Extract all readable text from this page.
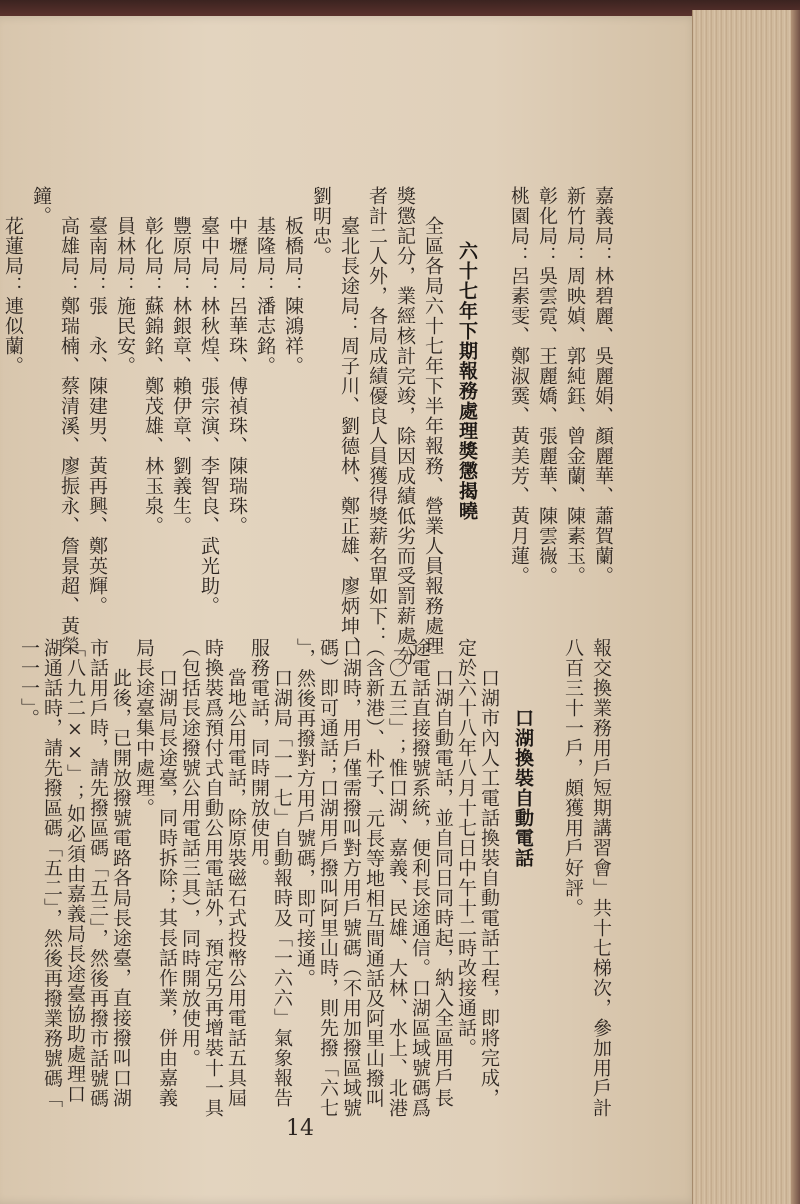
嘉義局：林碧麗、吳麗娟、顏麗華、蕭賀蘭。
新竹局：周映媜、郭純鈺、曾金蘭、陳素玉。
彰化局：吳雲霓、王麗嬌、張麗華、陳雲嶶。
桃園局：呂素雯、鄭淑霙、黃美芳、黃月蓮。
六十七年下期報務處理獎懲揭曉
全區各局六十七年下半年報務、營業人員報務處理
獎懲記分，業經核計完竣，除因成績低劣而受罰薪處分
者計二人外，各局成績優良人員獲得獎薪名單如下：
臺北長途局：周子川、劉德林、鄭正雄、廖炳坤、
劉明忠。
板橋局：陳鴻祥。
基隆局：潘志銘。
中壢局：呂華珠、傅禎珠、陳瑞珠。
臺中局：林秋煌、張宗演、李智良、武光助。
豐原局：林銀章、賴伊章、劉義生。
彰化局：蘇錦銘、鄭茂雄、林玉泉。
員林局：施民安。
臺南局：張　永、陳建男、黃再興、鄭英輝。
高雄局：鄭瑞楠、蔡清溪、廖振永、詹景超、黃榮
鐘。
花蓮局：連似蘭。
報交換業務用戶短期講習會」共十七梯次，參加用戶計
八百三十一戶，頗獲用戶好評。
口湖換裝自動電話
口湖市內人工電話換裝自動電話工程，即將完成，
定於六十八年八月十七日中午十二時改接通話。
口湖自動電話，並自同日同時起，納入全區用戶長
途電話直接撥號系統，便利長途通信。口湖區域號碼爲
「〇五三」；惟口湖、嘉義、民雄、大林、水上、北港
（含新港）、朴子、元長等地相互間通話及阿里山撥叫
口湖時，用戶僅需撥叫對方用戶號碼（不用加撥區域號
碼）即可通話；口湖用戶撥叫阿里山時，則先撥「六七
」，然後再撥對方用戶號碼，即可接通。
口湖局「一一七」自動報時及「一六六」氣象報告
服務電話，同時開放使用。
當地公用電話，除原裝磁石式投幣公用電話五具屆
時換裝爲預付式自動公用電話外，預定另再增裝十一具
（包括長途撥號公用電話三具），同時開放使用。
口湖局長途臺，同時拆除；其長話作業，併由嘉義
局長途臺集中處理。
此後，已開放撥號電路各局長途臺，直接撥叫口湖
市話用戶時，請先撥區碼「五三」，然後再撥市話號碼
「八九二××」；如必須由嘉義局長途臺協助處理口
湖通話時，請先撥區碼「五二」，然後再撥業務號碼「
一一一」。
14
